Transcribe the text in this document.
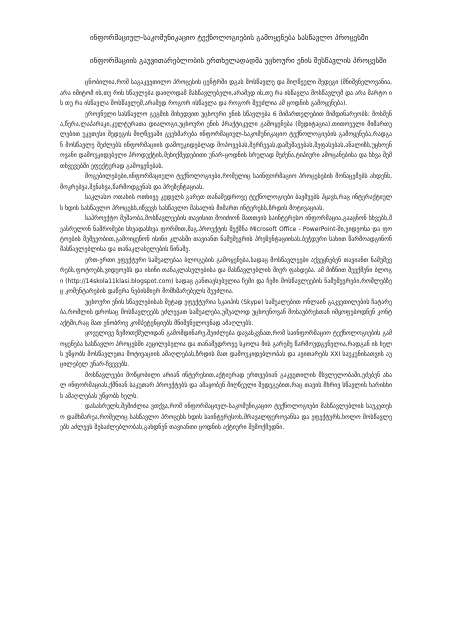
ინფორმაციულ-საკომუნიკაციო ტექნოლოგიების გამოყენება სასწავლო პროცესში
ინფორმაციის გაუვითარებლობის ერთხელადადმა უცხოური ენის შესწავლის პროცესში

ცნობილია,რომ საგაკვეთილო პროცესის ცენტრში დგას მოსწავლე და მიღწეული შედეგი (მნიშვნელოვანია,არა იმიტომ ის,თუ რის სწავლება დაიღოდამ მასწავლებელი,არამედ ის,თუ რა ისწავლა მოსწავლემ და არა მარტო ის თუ რა ისწავლა მოსწავლემ,არამედ როგორ ისწავლა და როგორ შეუძლია ამ ცოდნის გამოყენება).

ეროვნული სასწავლო გეგმის მიხედვით უცხოური ენის სწავლება 6 მიმართულებით მიმდინარეობს: მოსმენა,წერა,ლაპარაკი,კულტურათა დიალოგი,უცხოური ენის პრაქტიკული გამოყენება (მედიტაცია).თითოეული მიმართულებით უკეთესი შედეგის მიღწევაში გვეხმარება ინფორმაციულ-საკომუნიკაციო ტექნოლოგიების გამოყენება,რადგან მოსწავლე შეძლებს ინფორმაციის დამოუკიდებლად მოპოვებას,შერჩევას,დამუშავებას,შეფასებას,ანალიზს,უცხოენოვანი დამოუკიდებელი პროდუქტის,მეხიქშედებითი უნარ-ცოდნის სრულად შეძენა,ტიპიური ამოცანებისა და სხვა შემთხვევებში ეფექტურად გამოყენებას.

მოგებილებები,ინფორმაციული ტექნოლოგიები,რომელიც საინფორმაციო პროცესების მონაცემებს ახდენს,მოკრებვა,შენახვა,წარმოდგენას და პრეზენტაციას.

საკლასო ოთახის ოთხივე კედელს გარეთ თანამედროვე ტექნოლოგიები ბავშვებს ჰყავს,რაც ინტერაქტიულს ხდის სასწავლო პროცესს,იწვევს სასწავლო მასალის მიმართ ინტერესს,ზრდის მოტივაციას.

საპროექტო მუშაობა,მოსწავლეების თავისით მოიძიონ მათთვის საინტერესო ინფორმაცია,გააცნონ სხვებს,შეასრულონ ნაშრომები სხვადასხვა ფორმით,მაგ.პროექტის შექმნა Microsoft Office - PowerPoint-ში,ვიდეოსა და ფოტოების მეშვეობით,გამოიყენონ ისინი კლასში თავიანთ ნამუშევრის პრეზენტაციისას,ბეჭდური სახით წარმოადგინონ მასწავლებლისა და თანაკლასელების წინაშე.

ერთ-ერთი ეფექტური საშუალებაა ბლოგების გამოყენება,სადაც მოსწავლეები აქვეყნებენ თავიანთ ნამუშევრებს,ფოტოებს,ვიდეოებს და ისინი თანაკლასელებისა და მასწავლებლის მიერ ფასდება. ამ მიზნით შევქმენი ბლოგი (http://14skola11klasi.blogspot.com) სადაც განთავსებულია ჩემი და ჩემი მოსწავლეების ნამუშევრები,რომლებზეც კომენტარების დაწერა ნებისმიერ მომხმარებელს შეუძლია.

უცხოური ენის სწავლებისას მეტად ეფექტურია სკაიპის (Skype) საშუალებით ონლაინ გაკვეთილების ჩატარება,რომლის დროსაც მოსწავლეებს ეძლევათ საშუალება,უშუალოდ უცხოენოვან მოსაუბრესთან იმყოფებოდნენ კონტაქტში,რაც მათ ენობრივ კომპეტენციებს მნიშვნელოვნად ამაღლებს.

ყოველივე ზემოთქმულიდან გამომდინარე,შეიძლება დავასკვნათ,რომ საინფორმაციო ტექნოლოგიების გამოყენება სასწავლო პროცესში აუცილებელია და თანამედროვე სკოლა მის გარეშე წარმოუდგენელია,რადგან ის ხელს უწყობს მოსწავლეთა მოტივაციის ამაღლებას,ზრდის მათ დამოუკიდებლობას და ავითარებს XXI საუკუნისათვის აუცილებელ უნარ-ჩვევებს.

მოსწავლეები მოწყობილი არიან ინტერესით,აქტიურად ერთვებიან გაკვეთილის მსვლელობაში,ეძებენ ახალ ინფორმაციას,ქმნიან საკუთარ პროექტებს და ამაყობენ მიღწეული შედეგებით,რაც თავის მხრივ სწავლის ხარისხის ამაღლებას უწყობს ხელს.

დასასრულს,შემიძლია ვთქვა,რომ ინფორმაციულ-საკომუნიკაციო ტექნოლოგიები მასწავლებლის საუკეთესო დამხმარეა,რომელიც სასწავლო პროცესს ხდის საინტერესოს,მრავალფეროვანსა და ეფექტურს,ხოლო მოსწავლეებს აძლევს შესაძლებლობას,გახდნენ თავიანთი ცოდნის აქტიური შემოქმედნი.
